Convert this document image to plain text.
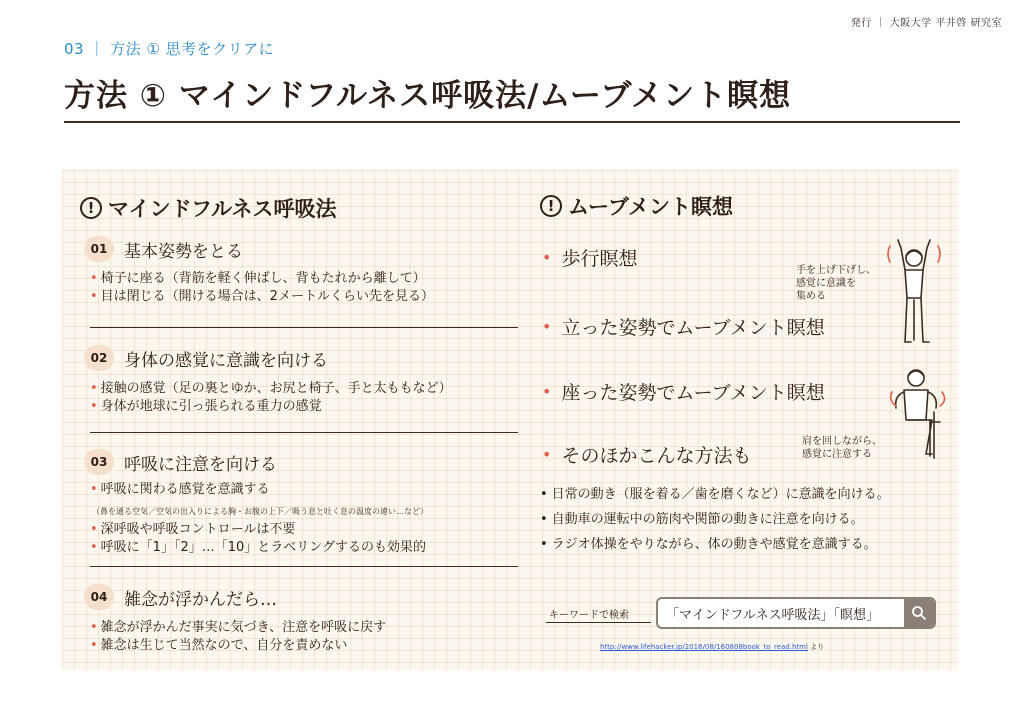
発行 ｜ 大阪大学 平井啓 研究室
03 ｜ 方法 ① 思考をクリアに
方法 ① マインドフルネス呼吸法/ムーブメント瞑想
! マインドフルネス呼吸法
01 基本姿勢をとる
• 椅子に座る（背筋を軽く伸ばし、背もたれから離して）
• 目は閉じる（開ける場合は、2メートルくらい先を見る）
02 身体の感覚に意識を向ける
• 接触の感覚（足の裏とゆか、お尻と椅子、手と太ももなど）
• 身体が地球に引っ張られる重力の感覚
03 呼吸に注意を向ける
• 呼吸に関わる感覚を意識する
（鼻を通る空気／空気の出入りによる胸・お腹の上下／吸う息と吐く息の温度の違い…など）
• 深呼吸や呼吸コントロールは不要
• 呼吸に「1」「2」…「10」とラベリングするのも効果的
04 雑念が浮かんだら…
• 雑念が浮かんだ事実に気づき、注意を呼吸に戻す
• 雑念は生じて当然なので、自分を責めない
! ムーブメント瞑想
• 歩行瞑想
• 立った姿勢でムーブメント瞑想
• 座った姿勢でムーブメント瞑想
• そのほかこんな方法も
手を上げ下げし、
感覚に意識を
集める
肩を回しながら、
感覚に注意する
• 日常の動き（服を着る／歯を磨くなど）に意識を向ける。
• 自動車の運転中の筋肉や関節の動きに注意を向ける。
• ラジオ体操をやりながら、体の動きや感覚を意識する。
キーワードで検索	「マインドフルネス呼吸法」「瞑想」
http://www.lifehacker.jp/2016/08/160808book_to_read.html より
